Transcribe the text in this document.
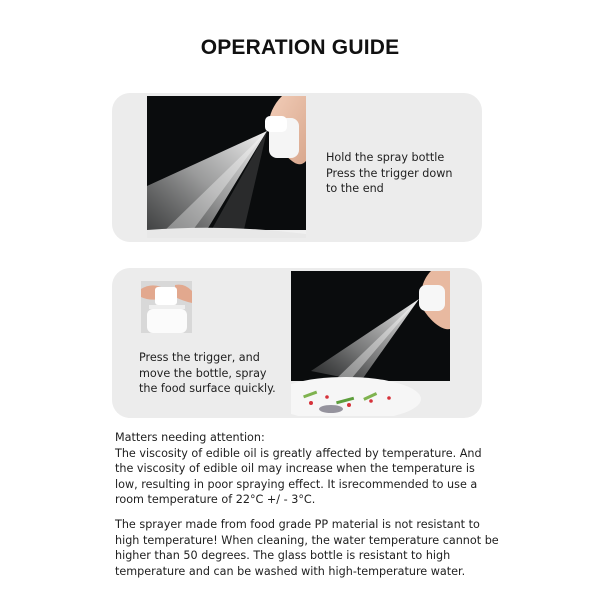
OPERATION GUIDE
Hold the spray bottle
Press the trigger down
to the end
Press the trigger, and
move the bottle, spray
the food surface quickly.
Matters needing attention:
The viscosity of edible oil is greatly affected by temperature. And
the viscosity of edible oil may increase when the temperature is
low, resulting in poor spraying effect. It isrecommended to use a
room temperature of 22°C +/ - 3°C.
The sprayer made from food grade PP material is not resistant to
high temperature! When cleaning, the water temperature cannot be
higher than 50 degrees. The glass bottle is resistant to high
temperature and can be washed with high-temperature water.
